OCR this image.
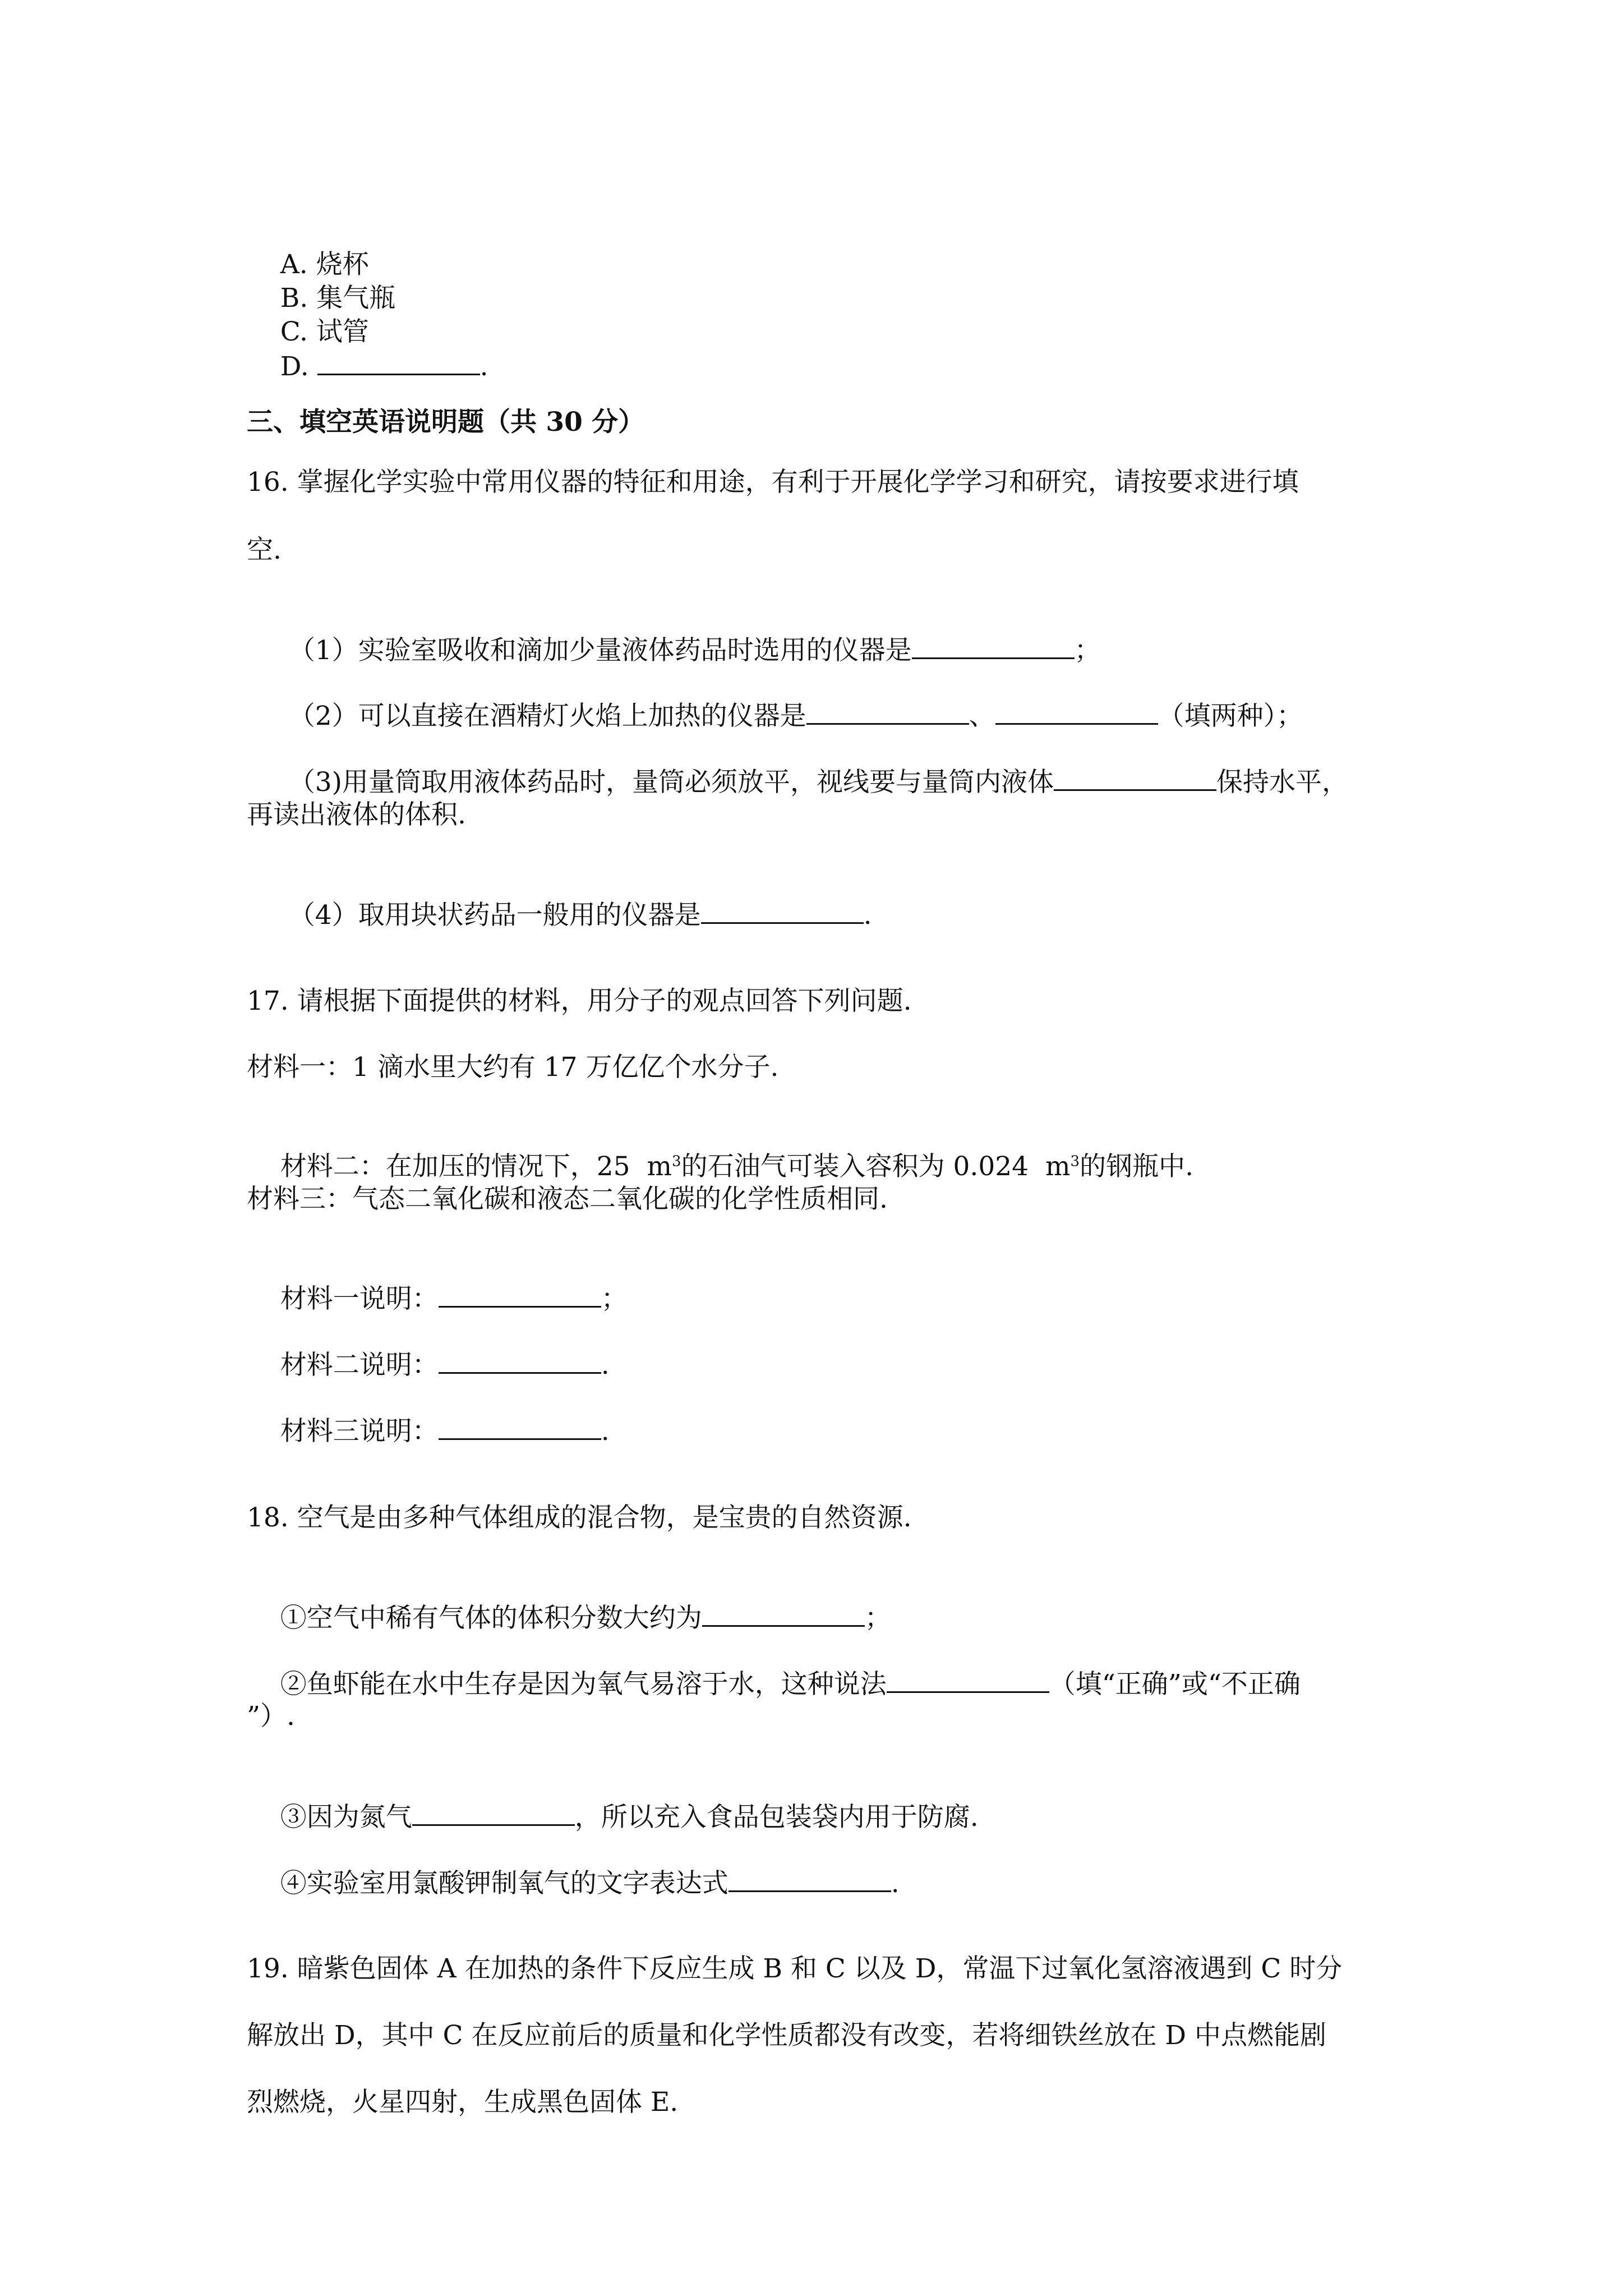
A. 烧杯
B. 集气瓶
C. 试管
D.	.

三、填空英语说明题（共 30 分）
16. 掌握化学实验中常用仪器的特征和用途，有利于开展化学学习和研究，请按要求进行填
空.

（1）实验室吸收和滴加少量液体药品时选用的仪器是	；

（2）可以直接在酒精灯火焰上加热的仪器是	、	（填两种）；

（3)用量筒取用液体药品时，量筒必须放平，视线要与量筒内液体	保持水平，

再读出液体的体积.

（4）取用块状药品一般用的仪器是	.

17. 请根据下面提供的材料，用分子的观点回答下列问题.
材料一：1 滴水里大约有 17 万亿亿个水分子.

材料二：在加压的情况下，25  $m^3$的石油气可装入容积为 0.024  $m^3$的钢瓶中.

材料三：气态二氧化碳和液态二氧化碳的化学性质相同.

材料一说明：	；

材料二说明：	.

材料三说明：	.

18. 空气是由多种气体组成的混合物，是宝贵的自然资源.

①空气中稀有气体的体积分数大约为	；

②鱼虾能在水中生存是因为氧气易溶于水，这种说法	（填“正确”或“不正确

”）.

③因为氮气	，所以充入食品包装袋内用于防腐.

④实验室用氯酸钾制氧气的文字表达式	.

19. 暗紫色固体 A 在加热的条件下反应生成 B 和 C 以及 D，常温下过氧化氢溶液遇到 C 时分
解放出 D，其中 C 在反应前后的质量和化学性质都没有改变，若将细铁丝放在 D 中点燃能剧
烈燃烧，火星四射，生成黑色固体 E.
